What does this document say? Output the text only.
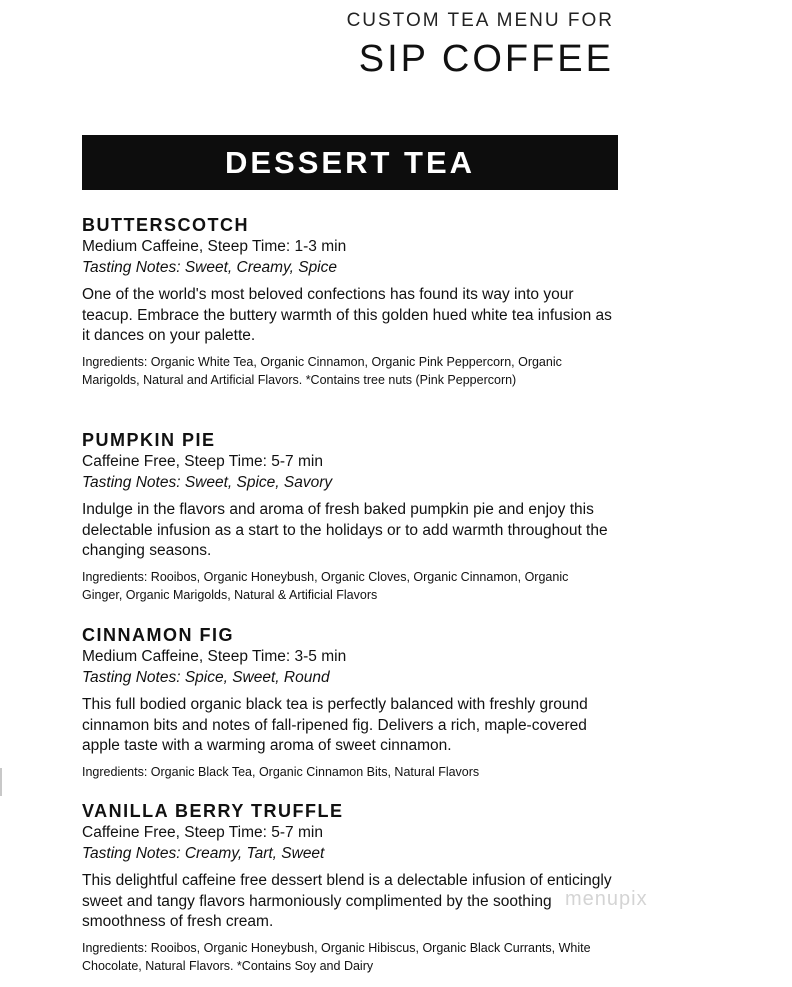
CUSTOM TEA MENU FOR
SIP COFFEE
DESSERT TEA

BUTTERSCOTCH

Medium Caffeine, Steep Time: 1-3 min

Tasting Notes: Sweet, Creamy, Spice

One of the world's most beloved confections has found its way into your teacup. Embrace the buttery warmth of this golden hued white tea infusion as it dances on your palette.

Ingredients: Organic White Tea, Organic Cinnamon, Organic Pink Peppercorn, Organic Marigolds, Natural and Artificial Flavors. *Contains tree nuts (Pink Peppercorn)

PUMPKIN PIE

Caffeine Free, Steep Time: 5-7 min

Tasting Notes: Sweet, Spice, Savory

Indulge in the flavors and aroma of fresh baked pumpkin pie and enjoy this delectable infusion as a start to the holidays or to add warmth throughout the changing seasons.

Ingredients: Rooibos, Organic Honeybush, Organic Cloves, Organic Cinnamon, Organic Ginger, Organic Marigolds, Natural & Artificial Flavors

CINNAMON FIG

Medium Caffeine, Steep Time: 3-5 min

Tasting Notes: Spice, Sweet, Round

This full bodied organic black tea is perfectly balanced with freshly ground cinnamon bits and notes of fall-ripened fig. Delivers a rich, maple-covered apple taste with a warming aroma of sweet cinnamon.

Ingredients: Organic Black Tea, Organic Cinnamon Bits, Natural Flavors

VANILLA BERRY TRUFFLE

Caffeine Free, Steep Time: 5-7 min

Tasting Notes: Creamy, Tart, Sweet

This delightful caffeine free dessert blend is a delectable infusion of enticingly sweet and tangy flavors harmoniously complimented by the soothing smoothness of fresh cream.

Ingredients: Rooibos, Organic Honeybush, Organic Hibiscus, Organic Black Currants, White Chocolate, Natural Flavors. *Contains Soy and Dairy

menupix
